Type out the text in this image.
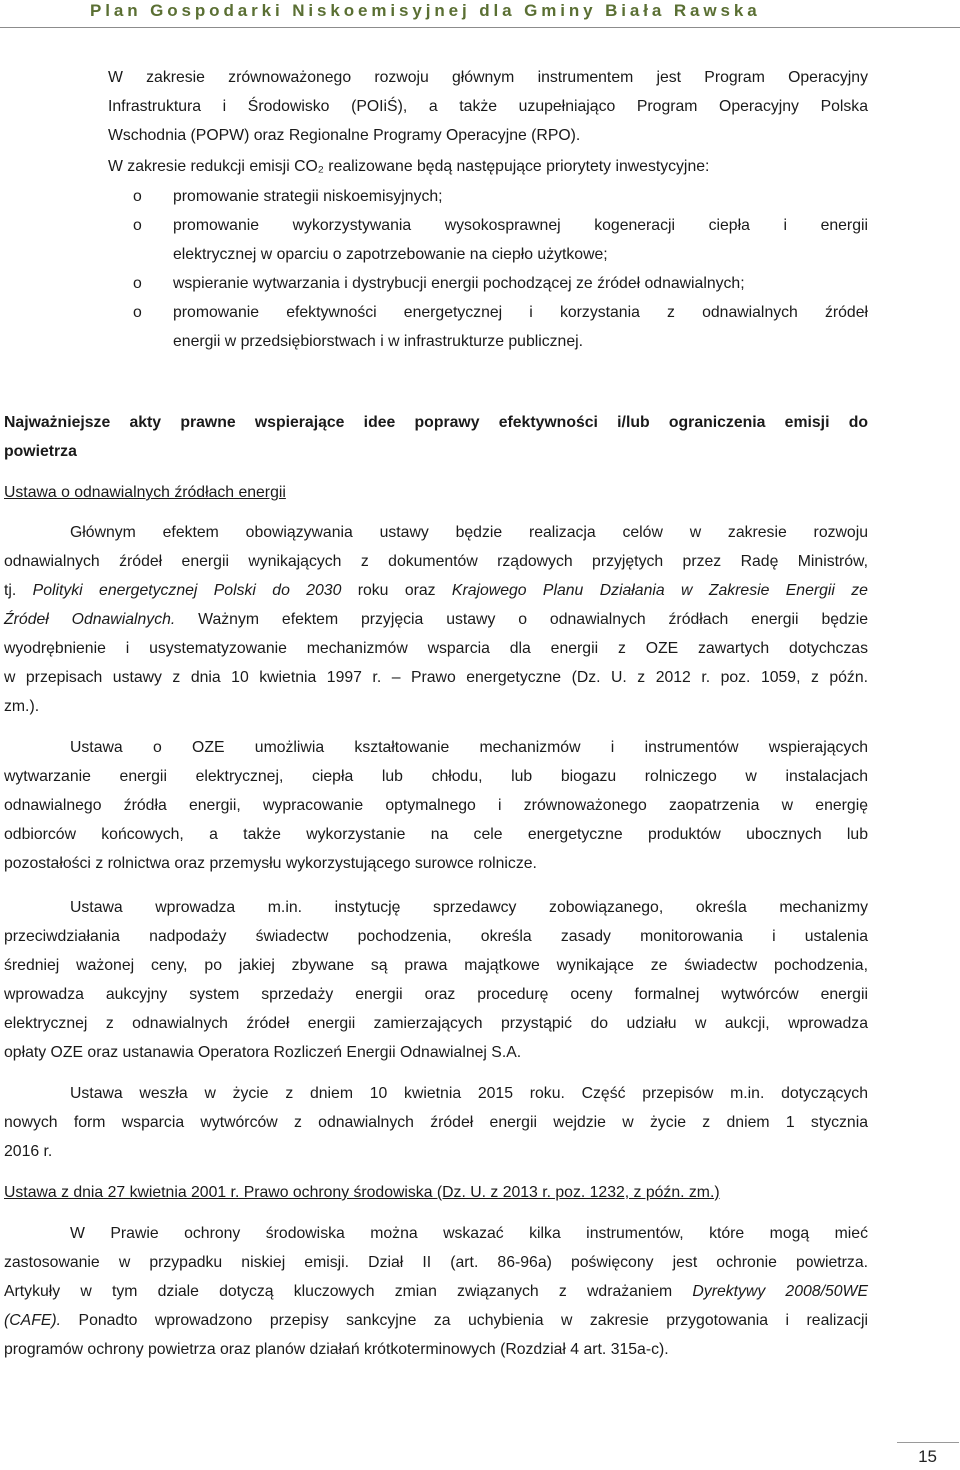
Plan Gospodarki Niskoemisyjnej dla Gminy Biała Rawska
W zakresie zrównoważonego rozwoju głównym instrumentem jest Program Operacyjny
Infrastruktura i Środowisko (POIiŚ), a także uzupełniająco Program Operacyjny Polska
Wschodnia (POPW) oraz Regionalne Programy Operacyjne (RPO).
W zakresie redukcji emisji CO₂ realizowane będą następujące priorytety inwestycyjne:
o promowanie strategii niskoemisyjnych;
o promowanie wykorzystywania wysokosprawnej kogeneracji ciepła i energii
elektrycznej w oparciu o zapotrzebowanie na ciepło użytkowe;
o wspieranie wytwarzania i dystrybucji energii pochodzącej ze źródeł odnawialnych;
o promowanie efektywności energetycznej i korzystania z odnawialnych źródeł
energii w przedsiębiorstwach i w infrastrukturze publicznej.
Najważniejsze akty prawne wspierające idee poprawy efektywności i/lub ograniczenia emisji do
powietrza
Ustawa o odnawialnych źródłach energii
Głównym efektem obowiązywania ustawy będzie realizacja celów w zakresie rozwoju
odnawialnych źródeł energii wynikających z dokumentów rządowych przyjętych przez Radę Ministrów,
tj. Polityki energetycznej Polski do 2030 roku oraz Krajowego Planu Działania w Zakresie Energii ze
Źródeł Odnawialnych. Ważnym efektem przyjęcia ustawy o odnawialnych źródłach energii będzie
wyodrębnienie i usystematyzowanie mechanizmów wsparcia dla energii z OZE zawartych dotychczas
w przepisach ustawy z dnia 10 kwietnia 1997 r. – Prawo energetyczne (Dz. U. z 2012 r. poz. 1059, z późn.
zm.).
Ustawa o OZE umożliwia kształtowanie mechanizmów i instrumentów wspierających
wytwarzanie energii elektrycznej, ciepła lub chłodu, lub biogazu rolniczego w instalacjach
odnawialnego źródła energii, wypracowanie optymalnego i zrównoważonego zaopatrzenia w energię
odbiorców końcowych, a także wykorzystanie na cele energetyczne produktów ubocznych lub
pozostałości z rolnictwa oraz przemysłu wykorzystującego surowce rolnicze.
Ustawa wprowadza m.in. instytucję sprzedawcy zobowiązanego, określa mechanizmy
przeciwdziałania nadpodaży świadectw pochodzenia, określa zasady monitorowania i ustalenia
średniej ważonej ceny, po jakiej zbywane są prawa majątkowe wynikające ze świadectw pochodzenia,
wprowadza aukcyjny system sprzedaży energii oraz procedurę oceny formalnej wytwórców energii
elektrycznej z odnawialnych źródeł energii zamierzających przystąpić do udziału w aukcji, wprowadza
opłaty OZE oraz ustanawia Operatora Rozliczeń Energii Odnawialnej S.A.
Ustawa weszła w życie z dniem 10 kwietnia 2015 roku. Część przepisów m.in. dotyczących
nowych form wsparcia wytwórców z odnawialnych źródeł energii wejdzie w życie z dniem 1 stycznia
2016 r.
Ustawa z dnia 27 kwietnia 2001 r. Prawo ochrony środowiska (Dz. U. z 2013 r. poz. 1232, z późn. zm.)
W Prawie ochrony środowiska można wskazać kilka instrumentów, które mogą mieć
zastosowanie w przypadku niskiej emisji. Dział II (art. 86-96a) poświęcony jest ochronie powietrza.
Artykuły w tym dziale dotyczą kluczowych zmian związanych z wdrażaniem Dyrektywy 2008/50WE
(CAFE). Ponadto wprowadzono przepisy sankcyjne za uchybienia w zakresie przygotowania i realizacji
programów ochrony powietrza oraz planów działań krótkoterminowych (Rozdział 4 art. 315a-c).
15
